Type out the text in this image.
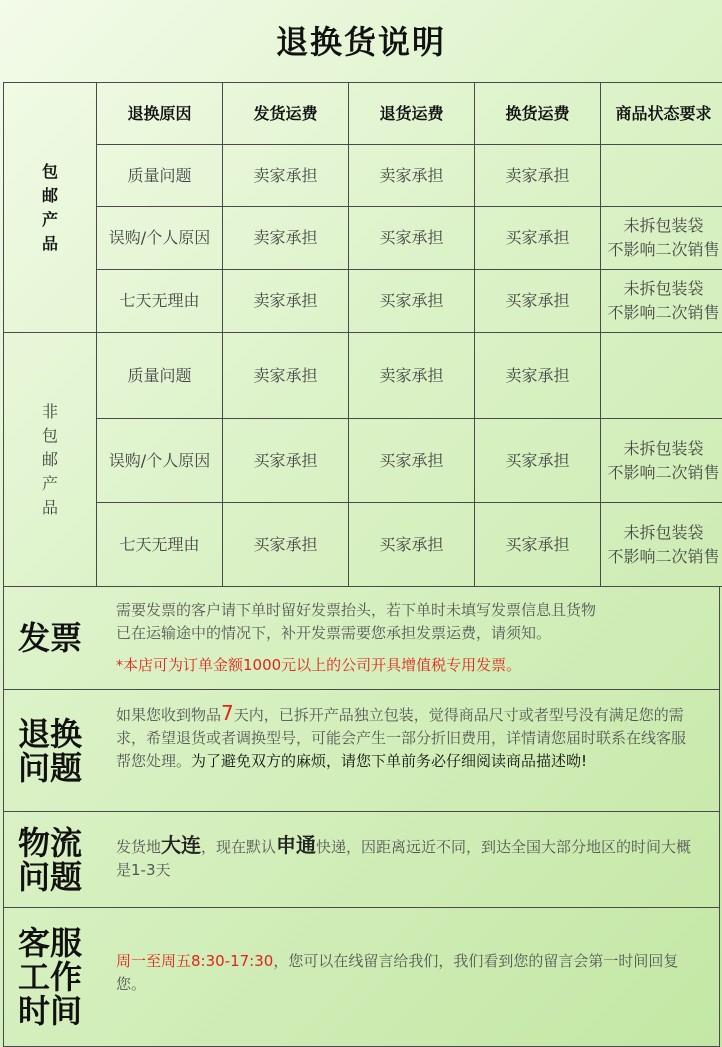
退换货说明
包
邮
产
品	退换原因	发货运费	退货运费	换货运费	商品状态要求
	质量问题	卖家承担	卖家承担	卖家承担	

	误购/个人原因	卖家承担	买家承担	买家承担	未拆包装袋
不影响二次销售

	七天无理由	卖家承担	买家承担	买家承担	未拆包装袋
不影响二次销售

非
包
邮
产
品	质量问题	卖家承担	卖家承担	卖家承担	

	误购/个人原因	买家承担	买家承担	买家承担	未拆包装袋
不影响二次销售

	七天无理由	买家承担	买家承担	买家承担	未拆包装袋
不影响二次销售
发票
需要发票的客户请下单时留好发票抬头，若下单时未填写发票信息且货物
已在运输途中的情况下，补开发票需要您承担发票运费，请须知。
*本店可为订单金额1000元以上的公司开具增值税专用发票。
退换
问题
如果您收到物品7天内，已拆开产品独立包装，觉得商品尺寸或者型号没有满足您的需求，希望退货或者调换型号，可能会产生一部分折旧费用，详情请您届时联系在线客服帮您处理。为了避免双方的麻烦，请您下单前务必仔细阅读商品描述呦!
物流
问题
发货地大连，现在默认申通快递，因距离远近不同，到达全国大部分地区的时间大概是1-3天
客服
工作
时间
周一至周五8:30-17:30，您可以在线留言给我们，我们看到您的留言会第一时间回复您。
